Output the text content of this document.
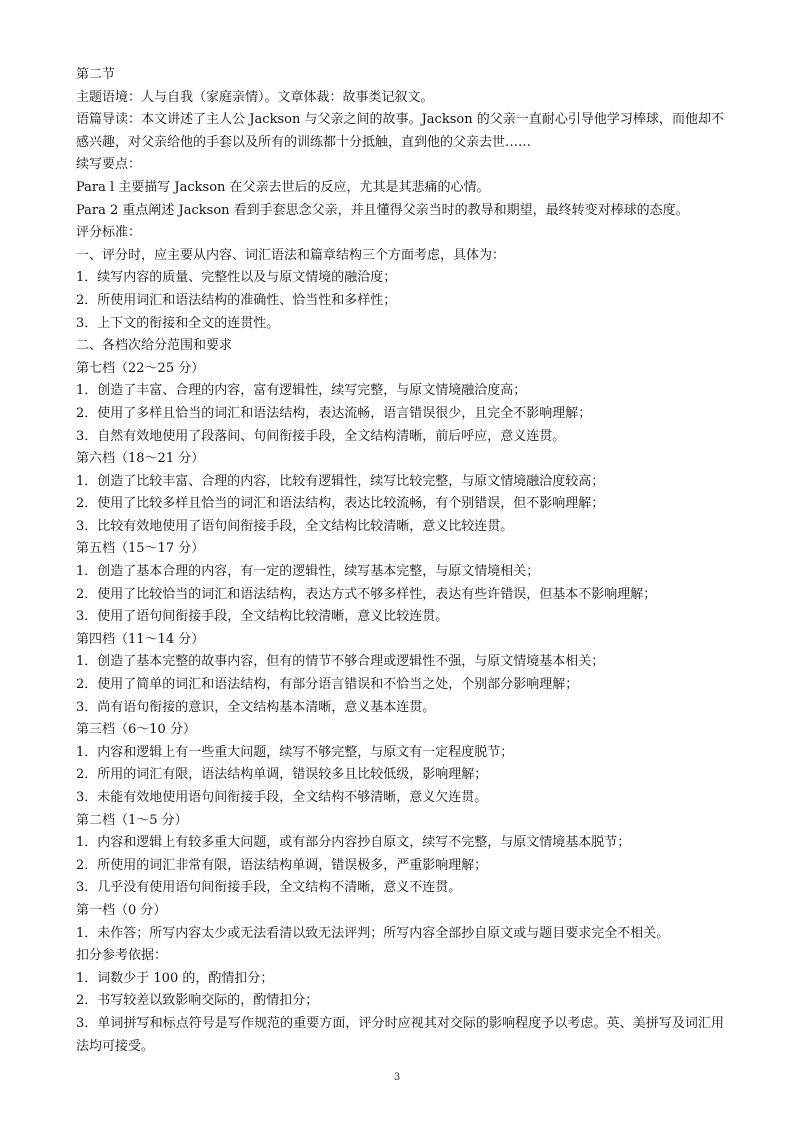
第二节
主题语境：人与自我（家庭亲情）。文章体裁：故事类记叙文。
语篇导读：本文讲述了主人公 Jackson 与父亲之间的故事。Jackson 的父亲一直耐心引导他学习棒球，而他却不感兴趣，对父亲给他的手套以及所有的训练都十分抵触，直到他的父亲去世……
续写要点：
Para l 主要描写 Jackson 在父亲去世后的反应，尤其是其悲痛的心情。
Para 2 重点阐述 Jackson 看到手套思念父亲，并且懂得父亲当时的教导和期望，最终转变对棒球的态度。
评分标准：
一、评分时，应主要从内容、词汇语法和篇章结构三个方面考虑，具体为：
1．续写内容的质量、完整性以及与原文情境的融洽度；
2．所使用词汇和语法结构的准确性、恰当性和多样性；
3．上下文的衔接和全文的连贯性。
二、各档次给分范围和要求
第七档（22～25 分）
1．创造了丰富、合理的内容，富有逻辑性，续写完整，与原文情境融洽度高；
2．使用了多样且恰当的词汇和语法结构，表达流畅，语言错误很少，且完全不影响理解；
3．自然有效地使用了段落间、句间衔接手段，全文结构清晰，前后呼应，意义连贯。
第六档（18～21 分）
1．创造了比较丰富、合理的内容，比较有逻辑性，续写比较完整，与原文情境融洽度较高；
2．使用了比较多样且恰当的词汇和语法结构，表达比较流畅，有个别错误，但不影响理解；
3．比较有效地使用了语句间衔接手段，全文结构比较清晰，意义比较连贯。
第五档（15～17 分）
1．创造了基本合理的内容，有一定的逻辑性，续写基本完整，与原文情境相关；
2．使用了比较恰当的词汇和语法结构，表达方式不够多样性，表达有些许错误，但基本不影响理解；
3．使用了语句间衔接手段，全文结构比较清晰，意义比较连贯。
第四档（11～14 分）
1．创造了基本完整的故事内容，但有的情节不够合理或逻辑性不强，与原文情境基本相关；
2．使用了简单的词汇和语法结构，有部分语言错误和不恰当之处，个别部分影响理解；
3．尚有语句衔接的意识，全文结构基本清晰，意义基本连贯。
第三档（6～10 分）
1．内容和逻辑上有一些重大问题，续写不够完整，与原文有一定程度脱节；
2．所用的词汇有限，语法结构单调，错误较多且比较低级，影响理解；
3．未能有效地使用语句间衔接手段，全文结构不够清晰，意义欠连贯。
第二档（1～5 分）
1．内容和逻辑上有较多重大问题，或有部分内容抄自原文，续写不完整，与原文情境基本脱节；
2．所使用的词汇非常有限，语法结构单调，错误极多，严重影响理解；
3．几乎没有使用语句间衔接手段，全文结构不清晰，意义不连贯。
第一档（0 分）
1．未作答；所写内容太少或无法看清以致无法评判；所写内容全部抄自原文或与题目要求完全不相关。
扣分参考依据：
1．词数少于 100 的，酌情扣分；
2．书写较差以致影响交际的，酌情扣分；
3．单词拼写和标点符号是写作规范的重要方面，评分时应视其对交际的影响程度予以考虑。英、美拼写及词汇用法均可接受。
3
